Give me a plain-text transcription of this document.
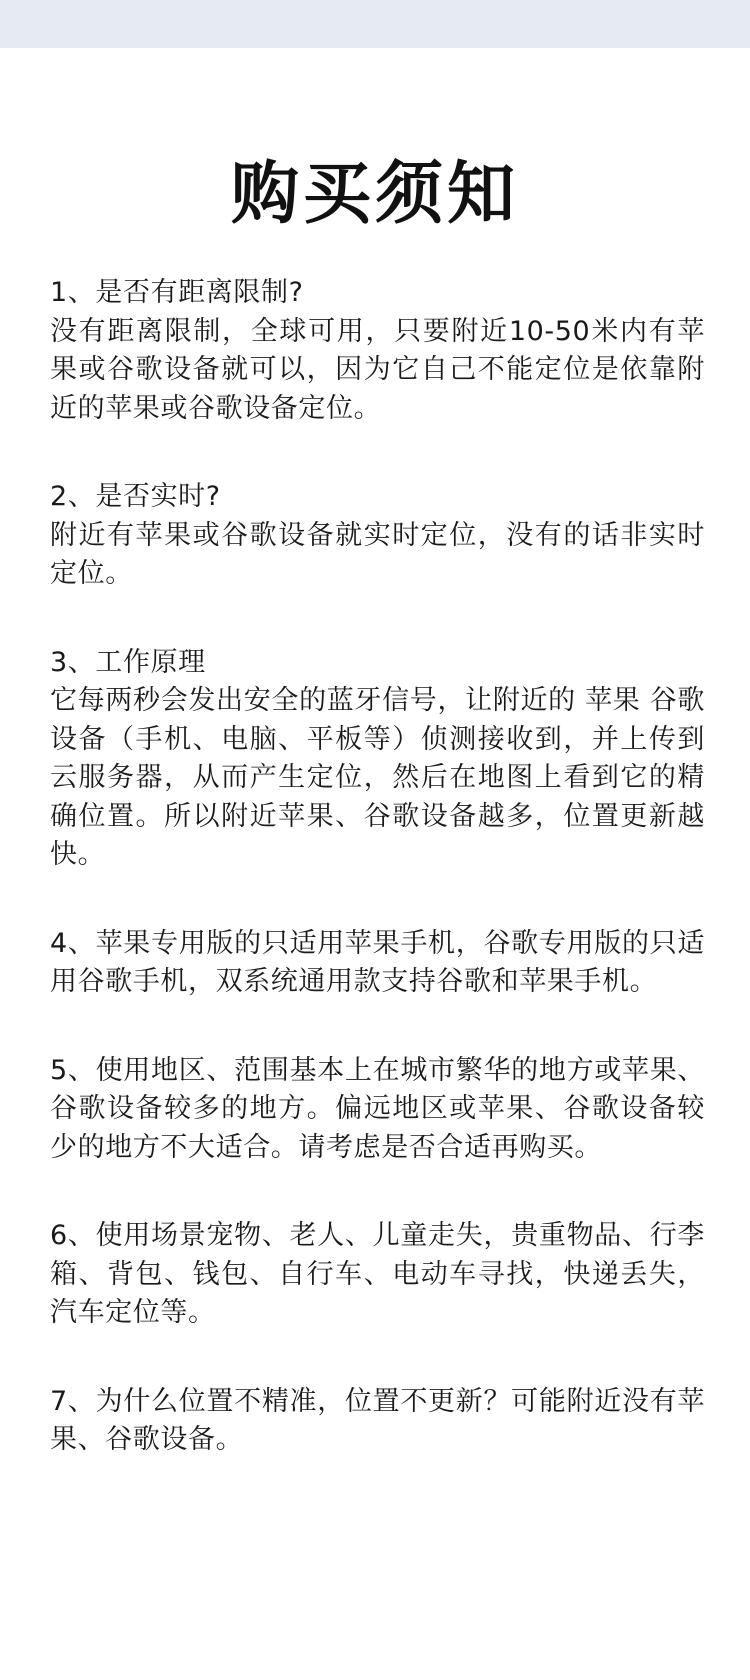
购买须知
1、是否有距离限制?
没有距离限制，全球可用，只要附近10-50米内有苹果或谷歌设备就可以，因为它自己不能定位是依靠附近的苹果或谷歌设备定位。
2、是否实时?
附近有苹果或谷歌设备就实时定位，没有的话非实时定位。
3、工作原理
它每两秒会发出安全的蓝牙信号，让附近的 苹果 谷歌 设备（手机、电脑、平板等）侦测接收到，并上传到云服务器，从而产生定位，然后在地图上看到它的精确位置。所以附近苹果、谷歌设备越多，位置更新越快。
4、苹果专用版的只适用苹果手机，谷歌专用版的只适用谷歌手机，双系统通用款支持谷歌和苹果手机。
5、使用地区、范围基本上在城市繁华的地方或苹果、谷歌设备较多的地方。偏远地区或苹果、谷歌设备较少的地方不大适合。请考虑是否合适再购买。
6、使用场景宠物、老人、儿童走失，贵重物品、行李箱、背包、钱包、自行车、电动车寻找，快递丢失，汽车定位等。
7、为什么位置不精准，位置不更新？可能附近没有苹果、谷歌设备。
